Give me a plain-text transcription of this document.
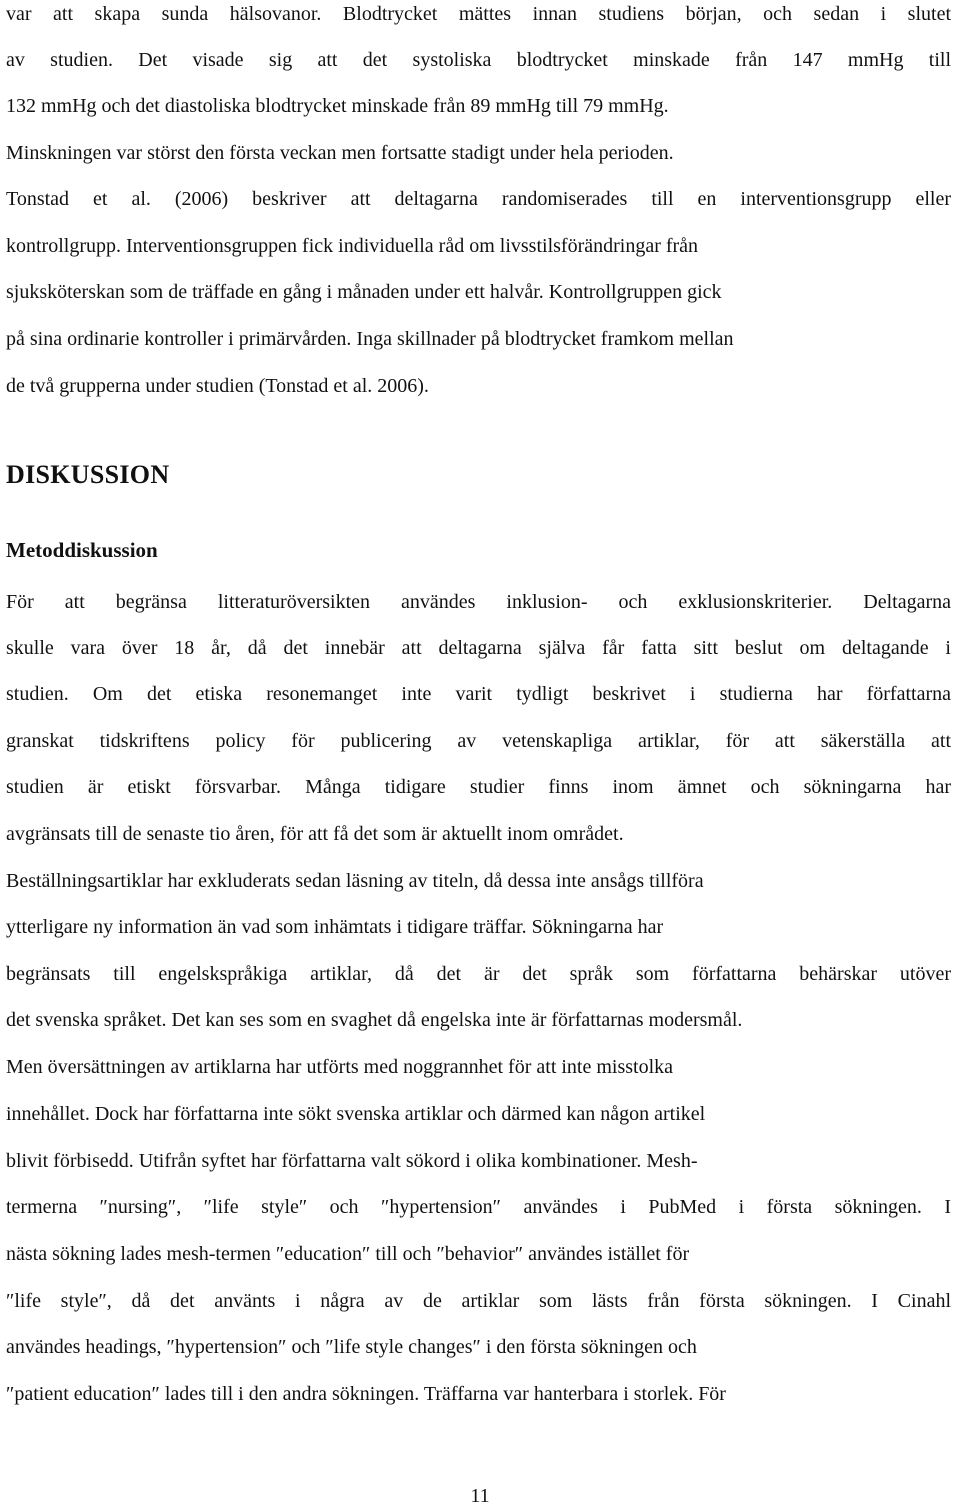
var att skapa sunda hälsovanor. Blodtrycket mättes innan studiens början, och sedan i slutet
av studien. Det visade sig att det systoliska blodtrycket minskade från 147 mmHg till
132 mmHg och det diastoliska blodtrycket minskade från 89 mmHg till 79 mmHg.
Minskningen var störst den första veckan men fortsatte stadigt under hela perioden.
Tonstad et al. (2006) beskriver att deltagarna randomiserades till en interventionsgrupp eller
kontrollgrupp. Interventionsgruppen fick individuella råd om livsstilsförändringar från
sjuksköterskan som de träffade en gång i månaden under ett halvår. Kontrollgruppen gick
på sina ordinarie kontroller i primärvården. Inga skillnader på blodtrycket framkom mellan
de två grupperna under studien (Tonstad et al. 2006).
DISKUSSION
Metoddiskussion
För att begränsa litteraturöversikten användes inklusion- och exklusionskriterier. Deltagarna
skulle vara över 18 år, då det innebär att deltagarna själva får fatta sitt beslut om deltagande i
studien. Om det etiska resonemanget inte varit tydligt beskrivet i studierna har författarna
granskat tidskriftens policy för publicering av vetenskapliga artiklar, för att säkerställa att
studien är etiskt försvarbar. Många tidigare studier finns inom ämnet och sökningarna har
avgränsats till de senaste tio åren, för att få det som är aktuellt inom området.
Beställningsartiklar har exkluderats sedan läsning av titeln, då dessa inte ansågs tillföra
ytterligare ny information än vad som inhämtats i tidigare träffar. Sökningarna har
begränsats till engelskspråkiga artiklar, då det är det språk som författarna behärskar utöver
det svenska språket. Det kan ses som en svaghet då engelska inte är författarnas modersmål.
Men översättningen av artiklarna har utförts med noggrannhet för att inte misstolka
innehållet. Dock har författarna inte sökt svenska artiklar och därmed kan någon artikel
blivit förbisedd. Utifrån syftet har författarna valt sökord i olika kombinationer. Mesh-
termerna ″nursing″, ″life style″ och ″hypertension″ användes i PubMed i första sökningen. I
nästa sökning lades mesh-termen ″education″ till och ″behavior″ användes istället för
″life style″, då det använts i några av de artiklar som lästs från första sökningen. I Cinahl
användes headings, ″hypertension″ och ″life style changes″ i den första sökningen och
″patient education″ lades till i den andra sökningen. Träffarna var hanterbara i storlek. För
11
